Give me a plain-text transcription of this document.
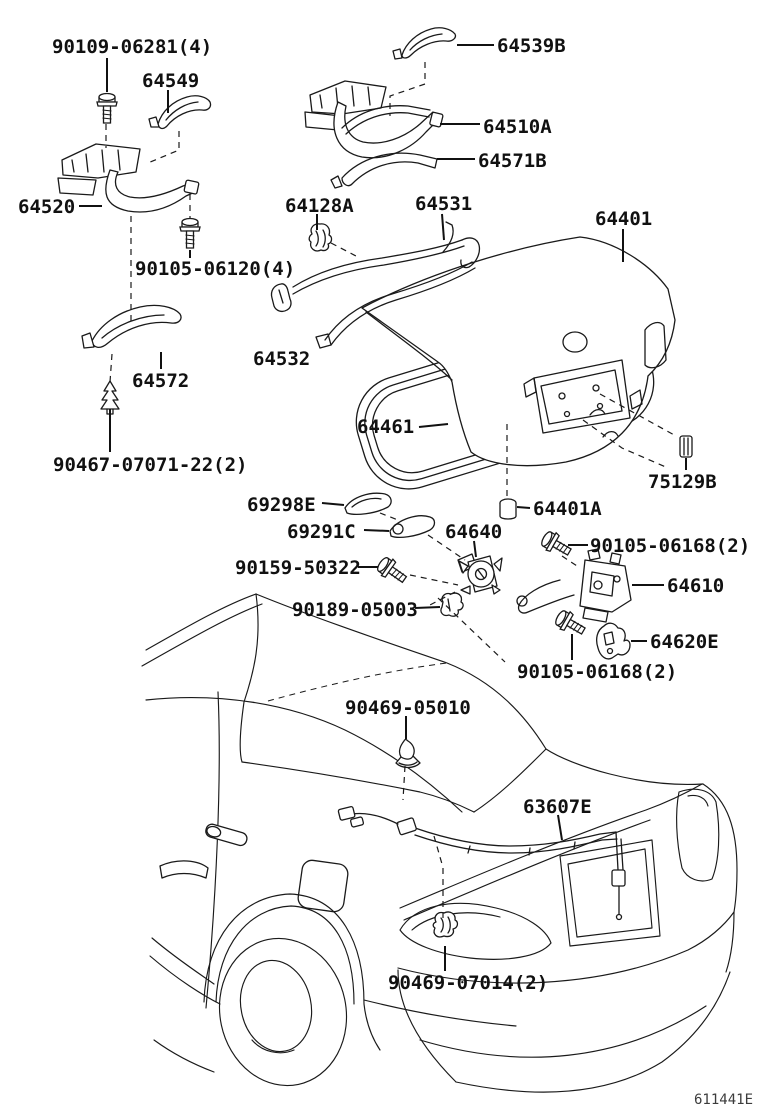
90109-06281(4)
64549
64539B
64510A
64571B
64520	64128A	64531
64401
90105-06120(4)
64532
64572
90467-07071-22(2)
64461
75129B
69298E	64401A
69291C	64640
90159-50322
90105-06168(2)
64610
90189-05003
64620E
90105-06168(2)
90469-05010
63607E
90469-07014(2)
611441E
